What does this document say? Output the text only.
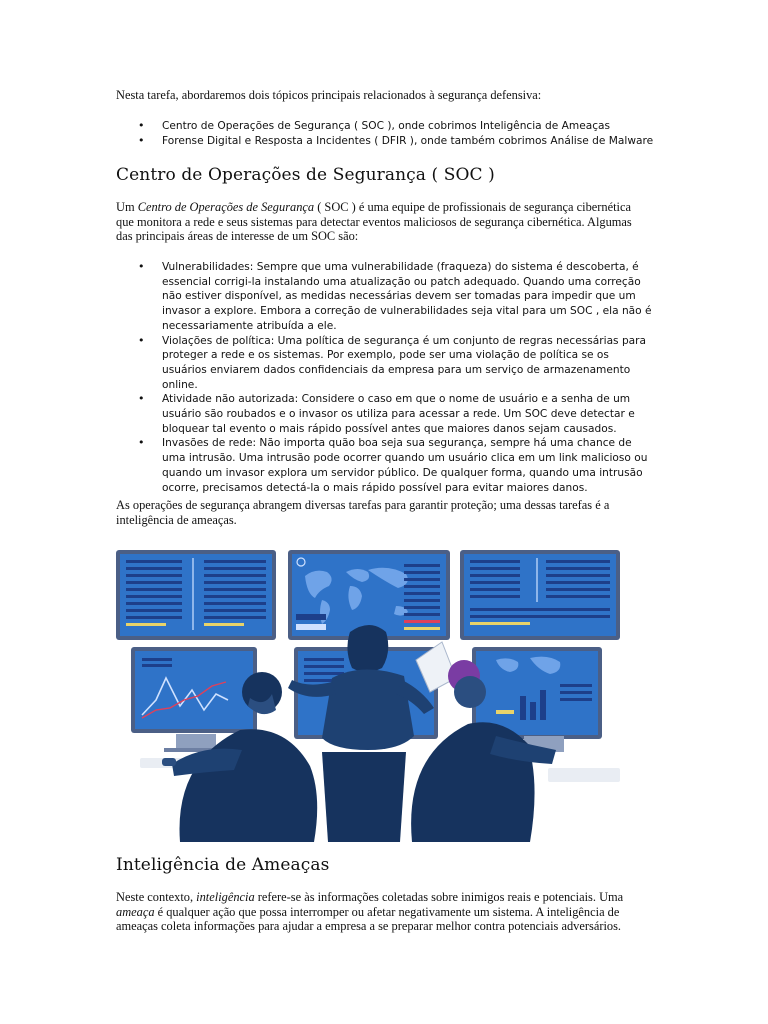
Nesta tarefa, abordaremos dois tópicos principais relacionados à segurança defensiva:

• Centro de Operações de Segurança ( SOC ), onde cobrimos Inteligência de Ameaças
• Forense Digital e Resposta a Incidentes ( DFIR ), onde também cobrimos Análise de Malware
Centro de Operações de Segurança ( SOC )

Um Centro de Operações de Segurança ( SOC ) é uma equipe de profissionais de segurança cibernética que monitora a rede e seus sistemas para detectar eventos maliciosos de segurança cibernética. Algumas das principais áreas de interesse de um SOC são:

• Vulnerabilidades: Sempre que uma vulnerabilidade (fraqueza) do sistema é descoberta, é essencial corrigi-la instalando uma atualização ou patch adequado. Quando uma correção não estiver disponível, as medidas necessárias devem ser tomadas para impedir que um invasor a explore. Embora a correção de vulnerabilidades seja vital para um SOC , ela não é necessariamente atribuída a ele.
• Violações de política: Uma política de segurança é um conjunto de regras necessárias para proteger a rede e os sistemas. Por exemplo, pode ser uma violação de política se os usuários enviarem dados confidenciais da empresa para um serviço de armazenamento online.
• Atividade não autorizada: Considere o caso em que o nome de usuário e a senha de um usuário são roubados e o invasor os utiliza para acessar a rede. Um SOC deve detectar e bloquear tal evento o mais rápido possível antes que maiores danos sejam causados.
• Invasões de rede: Não importa quão boa seja sua segurança, sempre há uma chance de uma intrusão. Uma intrusão pode ocorrer quando um usuário clica em um link malicioso ou quando um invasor explora um servidor público. De qualquer forma, quando uma intrusão ocorre, precisamos detectá-la o mais rápido possível para evitar maiores danos.

As operações de segurança abrangem diversas tarefas para garantir proteção; uma dessas tarefas é a inteligência de ameaças.

Inteligência de Ameaças

Neste contexto, inteligência refere-se às informações coletadas sobre inimigos reais e potenciais. Uma ameaça é qualquer ação que possa interromper ou afetar negativamente um sistema. A inteligência de ameaças coleta informações para ajudar a empresa a se preparar melhor contra potenciais adversários.
